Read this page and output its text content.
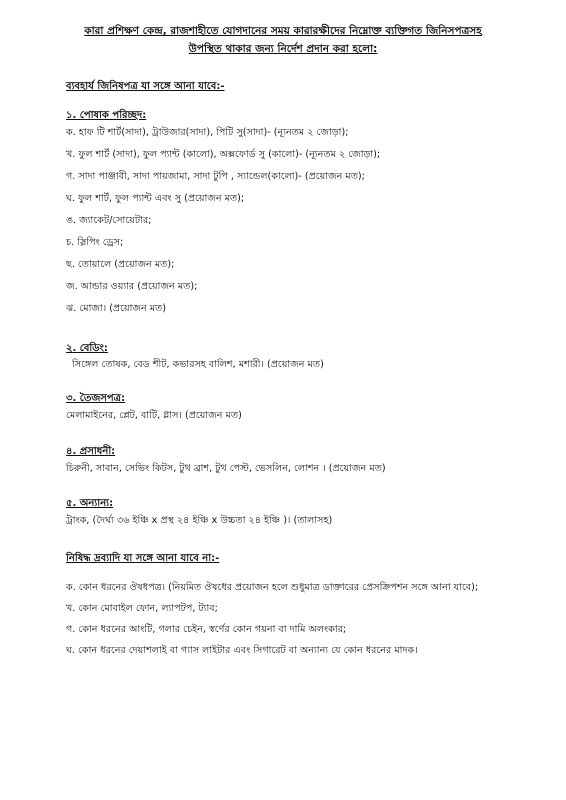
কারা প্রশিক্ষণ কেন্দ্র, রাজশাহীতে যোগদানের সময় কারারক্ষীদের নিম্নোক্ত ব্যক্তিগত জিনিসপত্রসহ
উপস্থিত থাকার জন্য নির্দেশ প্রদান করা হলো:
ব্যবহার্য জিনিষপত্র যা সঙ্গে আনা যাবে:-
১. পোষাক পরিচ্ছদ:
ক. হাফ টি শার্ট(সাদা), ট্রাউজার(সাদা), পিটি সু(সাদা)- (ন্যূনতম ২ জোড়া);
খ. ফুল শার্ট (সাদা), ফুল প্যান্ট (কালো), অক্সফোর্ড সু (কালো)- (ন্যূনতম ২ জোড়া);
গ. সাদা পাঞ্জাবী, সাদা পায়জামা, সাদা টুপি , স্যান্ডেল(কালো)- (প্রয়োজন মত);
ঘ. ফুল শার্ট, ফুল প্যান্ট এবং সু (প্রয়োজন মত);
ঙ. জ্যাকেট/সোয়েটার;
চ. স্লিপিং ড্রেস;
ছ. তোয়ালে (প্রয়োজন মত);
জ. আন্ডার ওয়্যার (প্রয়োজন মত);
ঝ. মোজা। (প্রয়োজন মত)
২. বেডিং:
সিঙ্গেল তোষক, বেড শীট, কভারসহ বালিশ, মশারী। (প্রয়োজন মত)
৩. তৈজসপত্র:
মেলামাইনের, প্লেট, বাটি, গ্লাস। (প্রয়োজন মত)
৪. প্রসাধনী:
চিরুনী, সাবান, সেভিং কিটস, টুথ ব্রাশ, টুথ পেস্ট, ভেসলিন, লোশন । (প্রয়োজন মত)
৫. অন্যান্য:
ট্রাংক, (দৈর্ঘ্য ৩৬ ইঞ্চি x প্রস্থ ২৪ ইঞ্চি x উচ্চতা ২৪ ইঞ্চি )। (তালাসহ)
নিষিদ্ধ দ্রব্যাদি যা সঙ্গে আনা যাবে না:-
ক. কোন ধরনের ঔষধপত্র। (নিয়মিত ঔষধের প্রয়োজন হলে শুধুমাত্র ডাক্তারের প্রেসক্রিপশন সঙ্গে আনা যাবে);
খ. কোন মোবাইল ফোন, ল্যাপটপ, ট্যাব;
গ. কোন ধরনের আংটি, গলার চেইন, স্বর্ণের কোন গয়না বা দামি অলংকার;
ঘ. কোন ধরনের দেয়াশলাই বা গ্যাস লাইটার এবং সিগারেট বা অন্যান্য যে কোন ধরনের মাদক।
